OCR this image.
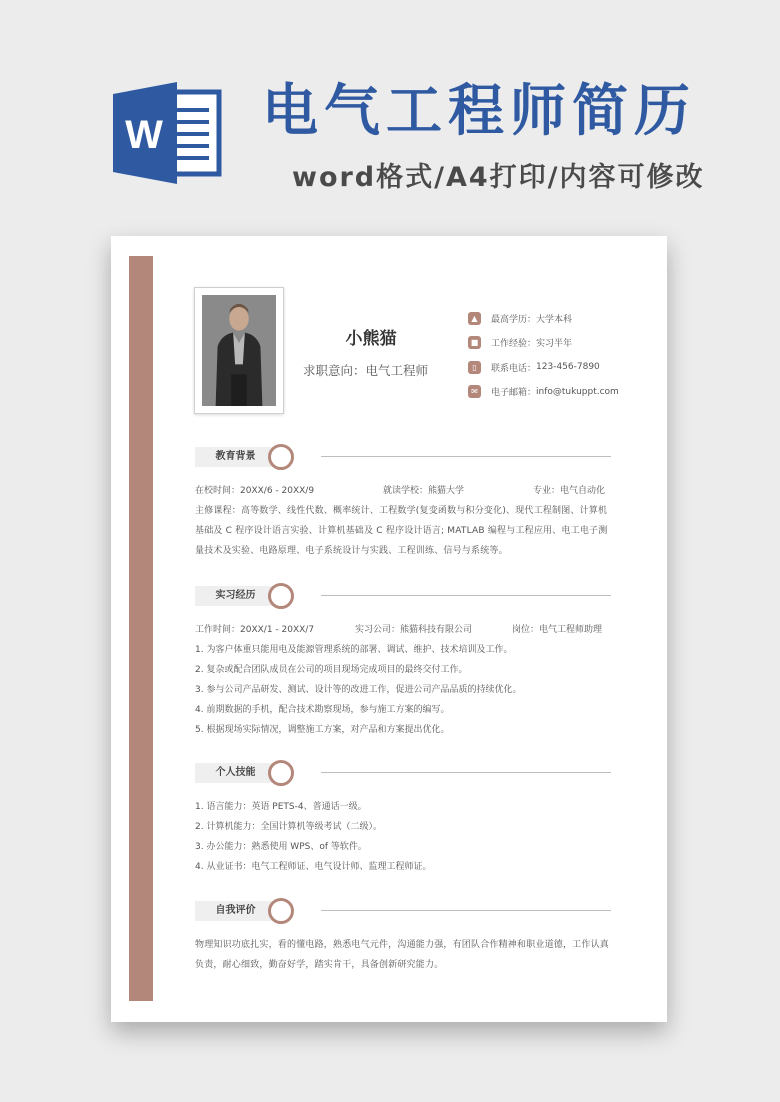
W 电气工程师简历
word格式/A4打印/内容可修改
小熊猫
求职意向：电气工程师
▲	最高学历： 大学本科
■	工作经验： 实习半年
▯	联系电话： 123-456-7890
✉	电子邮箱： info@tukuppt.com
教育背景
在校时间：20XX/6 - 20XX/9	就读学校：熊猫大学	专业：电气自动化
主修课程：高等数学、线性代数、概率统计、工程数学(复变函数与积分变化)、现代工程制图、计算机基础及 C 程序设计语言实验、计算机基础及 C 程序设计语言; MATLAB 编程与工程应用、电工电子测量技术及实验、电路原理、电子系统设计与实践、工程训练、信号与系统等。
实习经历
工作时间：20XX/1 - 20XX/7	实习公司：熊猫科技有限公司	岗位：电气工程师助理
1. 为客户体重只能用电及能源管理系统的部署、调试、维护、技术培训及工作。
2. 复杂或配合团队成员在公司的项目现场完成项目的最终交付工作。
3. 参与公司产品研发、测试、设计等的改进工作，促进公司产品品质的持续优化。
4. 前期数据的手机，配合技术勘察现场，参与施工方案的编写。
5. 根据现场实际情况，调整施工方案，对产品和方案提出优化。
个人技能
1. 语言能力：英语 PETS-4、普通话一级。
2. 计算机能力：全国计算机等级考试（二级）。
3. 办公能力：熟悉使用 WPS、of 等软件。
4. 从业证书：电气工程师证、电气设计师、监理工程师证。
自我评价
物理知识功底扎实，看的懂电路，熟悉电气元件，沟通能力强，有团队合作精神和职业道德，工作认真负责，耐心细致，勤奋好学，踏实肯干，具备创新研究能力。
